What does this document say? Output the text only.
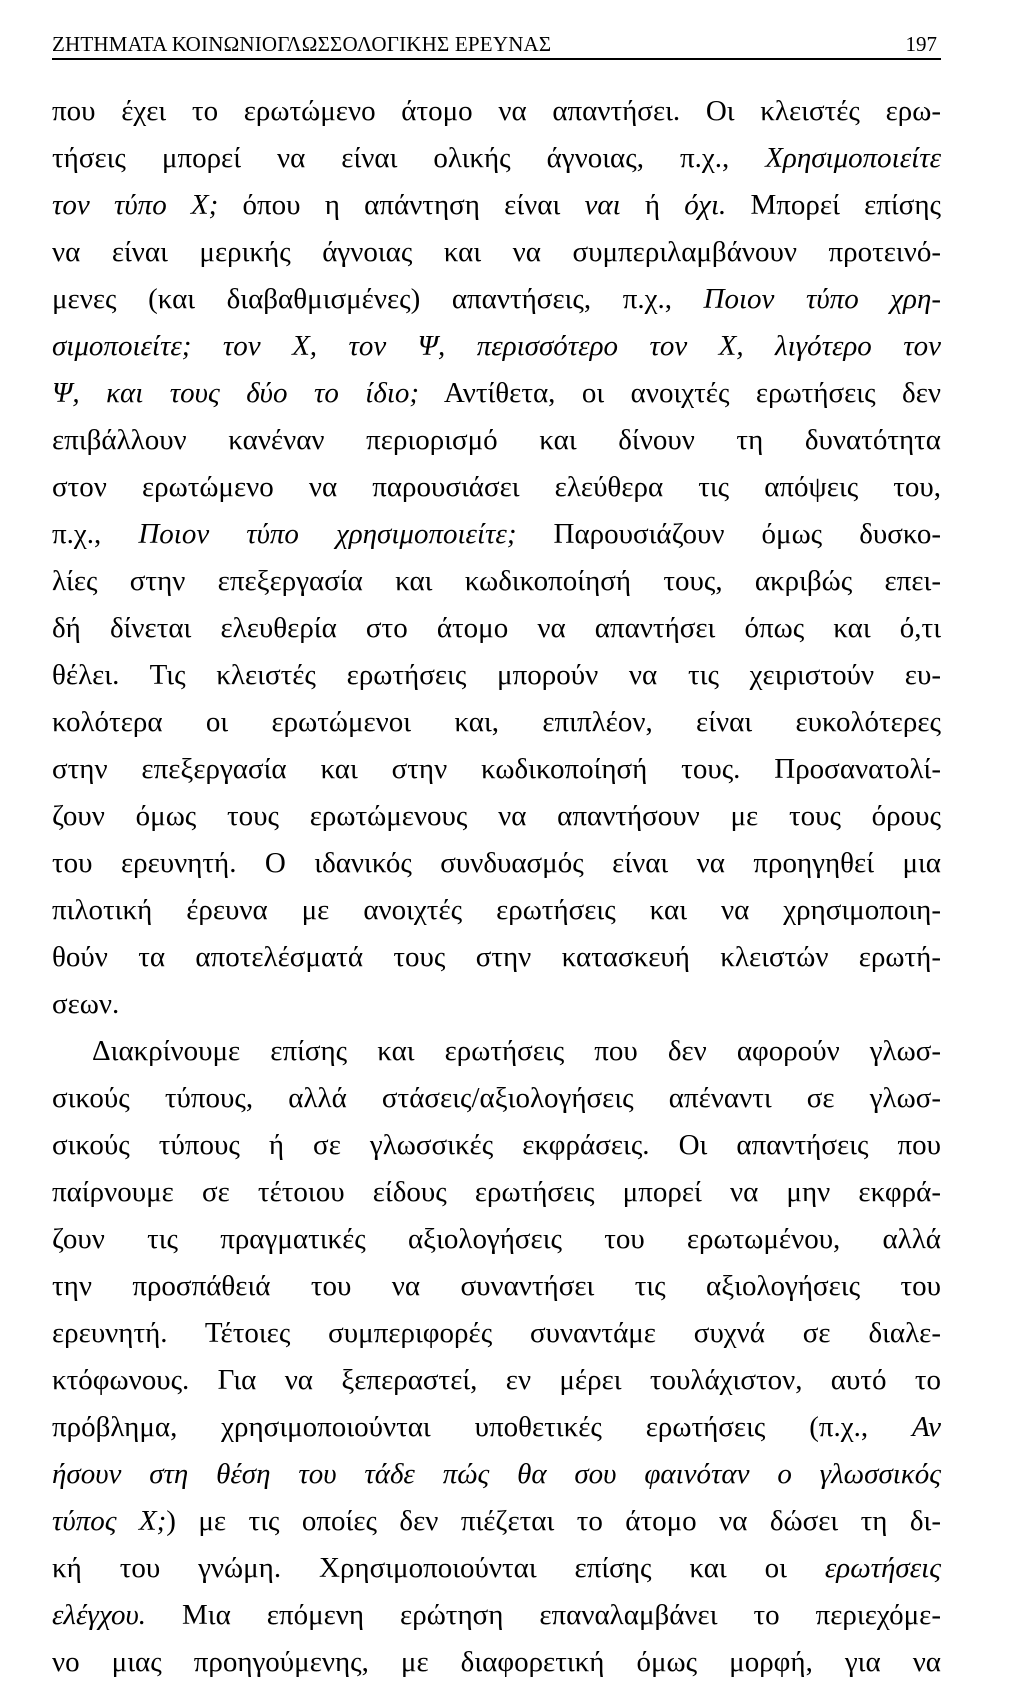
ΖΗΤΗΜΑΤΑ ΚΟΙΝΩΝΙΟΓΛΩΣΣΟΛΟΓΙΚΗΣ ΕΡΕΥΝΑΣ	197
που έχει το ερωτώμενο άτομο να απαντήσει. Οι κλειστές ερω-
τήσεις μπορεί να είναι ολικής άγνοιας, π.χ., Χρησιμοποιείτε
τον τύπο Χ; όπου η απάντηση είναι ναι ή όχι. Μπορεί επίσης
να είναι μερικής άγνοιας και να συμπεριλαμβάνουν προτεινό-
μενες (και διαβαθμισμένες) απαντήσεις, π.χ., Ποιον τύπο χρη-
σιμοποιείτε; τον Χ, τον Ψ, περισσότερο τον Χ, λιγότερο τον
Ψ, και τους δύο το ίδιο; Αντίθετα, οι ανοιχτές ερωτήσεις δεν
επιβάλλουν κανέναν περιορισμό και δίνουν τη δυνατότητα
στον ερωτώμενο να παρουσιάσει ελεύθερα τις απόψεις του,
π.χ., Ποιον τύπο χρησιμοποιείτε; Παρουσιάζουν όμως δυσκο-
λίες στην επεξεργασία και κωδικοποίησή τους, ακριβώς επει-
δή δίνεται ελευθερία στο άτομο να απαντήσει όπως και ό,τι
θέλει. Τις κλειστές ερωτήσεις μπορούν να τις χειριστούν ευ-
κολότερα οι ερωτώμενοι και, επιπλέον, είναι ευκολότερες
στην επεξεργασία και στην κωδικοποίησή τους. Προσανατολί-
ζουν όμως τους ερωτώμενους να απαντήσουν με τους όρους
του ερευνητή. Ο ιδανικός συνδυασμός είναι να προηγηθεί μια
πιλοτική έρευνα με ανοιχτές ερωτήσεις και να χρησιμοποιη-
θούν τα αποτελέσματά τους στην κατασκευή κλειστών ερωτή-
σεων.
Διακρίνουμε επίσης και ερωτήσεις που δεν αφορούν γλωσ-
σικούς τύπους, αλλά στάσεις/αξιολογήσεις απέναντι σε γλωσ-
σικούς τύπους ή σε γλωσσικές εκφράσεις. Οι απαντήσεις που
παίρνουμε σε τέτοιου είδους ερωτήσεις μπορεί να μην εκφρά-
ζουν τις πραγματικές αξιολογήσεις του ερωτωμένου, αλλά
την προσπάθειά του να συναντήσει τις αξιολογήσεις του
ερευνητή. Τέτοιες συμπεριφορές συναντάμε συχνά σε διαλε-
κτόφωνους. Για να ξεπεραστεί, εν μέρει τουλάχιστον, αυτό το
πρόβλημα, χρησιμοποιούνται υποθετικές ερωτήσεις (π.χ., Αν
ήσουν στη θέση του τάδε πώς θα σου φαινόταν ο γλωσσικός
τύπος Χ;) με τις οποίες δεν πιέζεται το άτομο να δώσει τη δι-
κή του γνώμη. Χρησιμοποιούνται επίσης και οι ερωτήσεις
ελέγχου. Μια επόμενη ερώτηση επαναλαμβάνει το περιεχόμε-
νο μιας προηγούμενης, με διαφορετική όμως μορφή, για να
